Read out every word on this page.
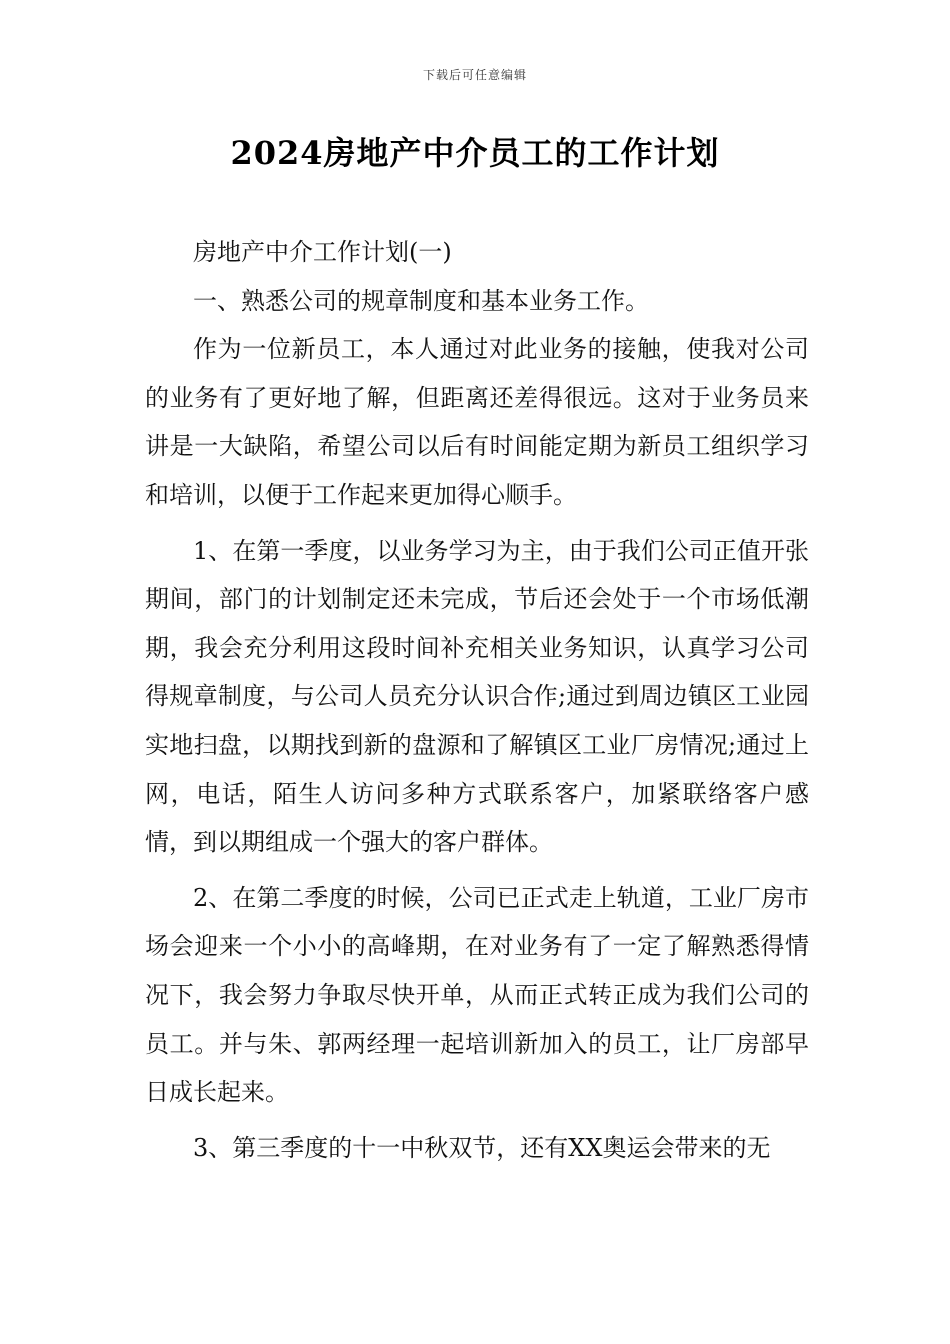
下载后可任意编辑
2024房地产中介员工的工作计划

房地产中介工作计划(一)

一、熟悉公司的规章制度和基本业务工作。

作为一位新员工，本人通过对此业务的接触，使我对公司的业务有了更好地了解，但距离还差得很远。这对于业务员来讲是一大缺陷，希望公司以后有时间能定期为新员工组织学习和培训，以便于工作起来更加得心顺手。

1、在第一季度，以业务学习为主，由于我们公司正值开张期间，部门的计划制定还未完成，节后还会处于一个市场低潮期，我会充分利用这段时间补充相关业务知识，认真学习公司得规章制度，与公司人员充分认识合作;通过到周边镇区工业园实地扫盘，以期找到新的盘源和了解镇区工业厂房情况;通过上网，电话，陌生人访问多种方式联系客户，加紧联络客户感情，到以期组成一个强大的客户群体。

2、在第二季度的时候，公司已正式走上轨道，工业厂房市场会迎来一个小小的高峰期，在对业务有了一定了解熟悉得情况下，我会努力争取尽快开单，从而正式转正成为我们公司的员工。并与朱、郭两经理一起培训新加入的员工，让厂房部早日成长起来。

3、第三季度的十一中秋双节，还有XX奥运会带来的无
